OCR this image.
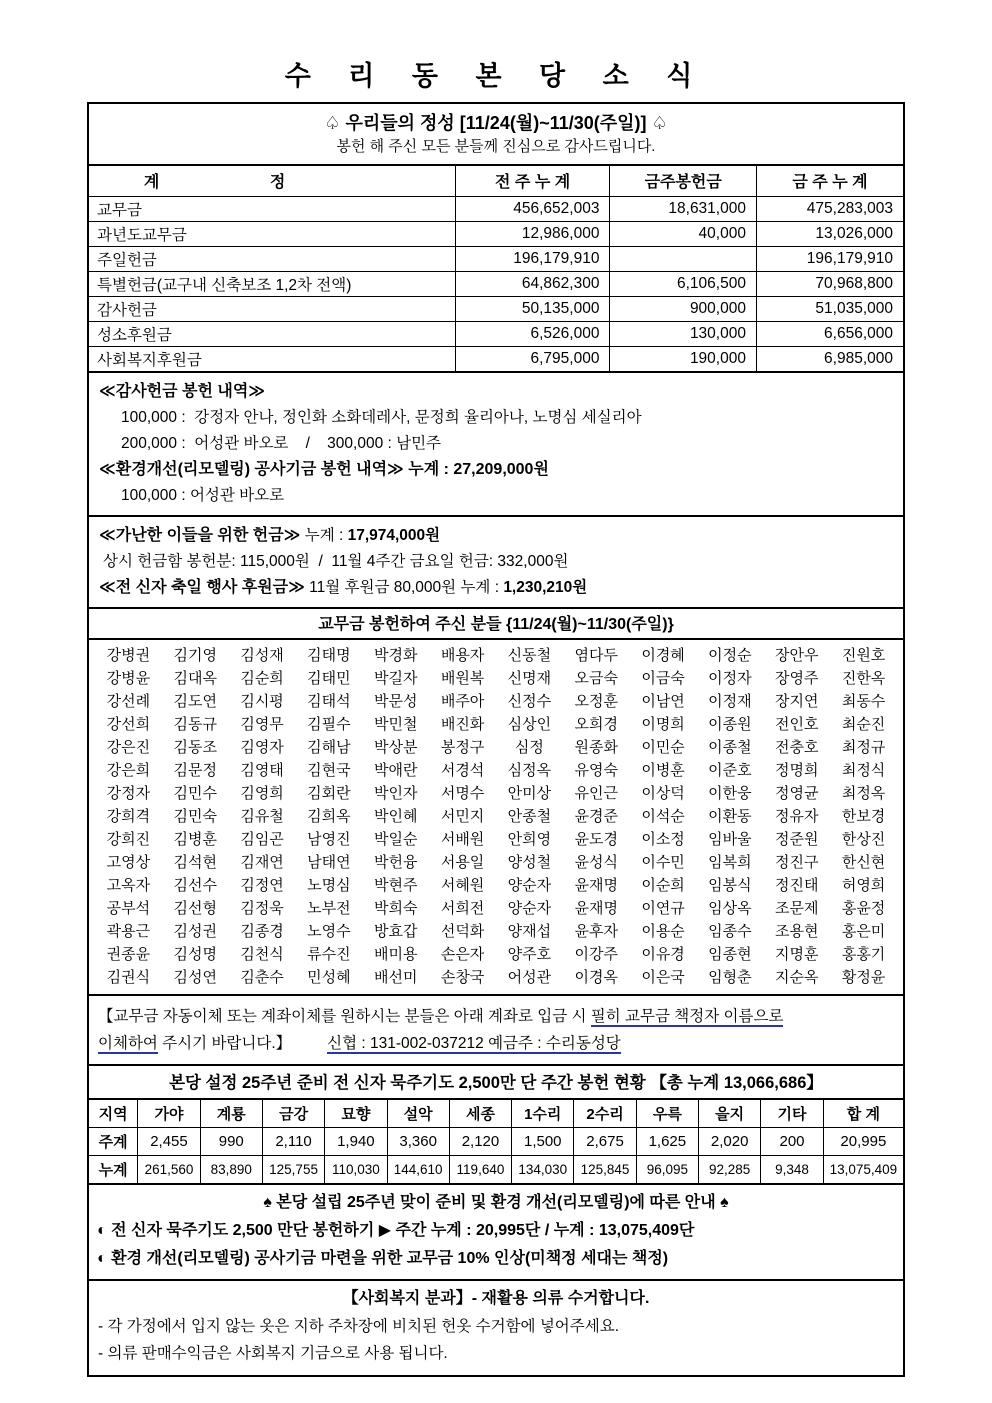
수 리 동 본 당 소 식
♤ 우리들의 정성 [11/24(월)~11/30(주일)] ♤
봉헌 해 주신 모든 분들께 진심으로 감사드립니다.
계 정	전 주 누 계	금주봉헌금	금 주 누 계
교무금	456,652,003	18,631,000	475,283,003
과년도교무금	12,986,000	40,000	13,026,000
주일헌금	196,179,910		196,179,910
특별헌금(교구내 신축보조 1,2차 전액)	64,862,300	6,106,500	70,968,800
감사헌금	50,135,000	900,000	51,035,000
성소후원금	6,526,000	130,000	6,656,000
사회복지후원금	6,795,000	190,000	6,985,000
≪감사헌금 봉헌 내역≫
100,000 :  강정자 안나, 정인화 소화데레사, 문정희 율리아나, 노명심 세실리아
200,000 :  어성관 바오로    /    300,000 : 남민주
≪환경개선(리모델링) 공사기금 봉헌 내역≫ 누계 : 27,209,000원
100,000 : 어성관 바오로
≪가난한 이들을 위한 헌금≫ 누계 : 17,974,000원
상시 헌금함 봉헌분: 115,000원  /  11월 4주간 금요일 헌금: 332,000원
≪전 신자 축일 행사 후원금≫ 11월 후원금 80,000원 누계 : 1,230,210원
교무금 봉헌하여 주신 분들 {11/24(월)~11/30(주일)}
강병권	김기영	김성재	김태명	박경화	배용자	신동철	염다두	이경혜	이정순	장안우	진원호
강병윤	김대옥	김순희	김태민	박길자	배원복	신명재	오금숙	이금숙	이정자	장영주	진한옥
강선례	김도연	김시평	김태석	박문성	배주아	신정수	오정훈	이남연	이정재	장지연	최동수
강선희	김동규	김영무	김필수	박민철	배진화	심상인	오희경	이명희	이종원	전인호	최순진
강은진	김동조	김영자	김해남	박상분	봉정구	심정	원종화	이민순	이종철	전충호	최정규
강은희	김문정	김영태	김현국	박애란	서경석	심정옥	유영숙	이병훈	이준호	정명희	최정식
강정자	김민수	김영희	김회란	박인자	서명수	안미상	유인근	이상덕	이한웅	정영균	최정옥
강희격	김민숙	김유철	김희옥	박인혜	서민지	안종철	윤경준	이석순	이환동	정유자	한보경
강희진	김병훈	김임곤	남영진	박일순	서배원	안희영	윤도경	이소정	임바울	정준원	한상진
고영상	김석현	김재연	남태연	박헌융	서용일	양성철	윤성식	이수민	임복희	정진구	한신현
고옥자	김선수	김정연	노명심	박현주	서혜원	양순자	윤재명	이순희	임봉식	정진태	허영희
공부석	김선형	김정욱	노부전	박희숙	서희전	양순자	윤재명	이연규	임상옥	조문제	홍윤정
곽용근	김성권	김종경	노영수	방효갑	선덕화	양재섭	윤후자	이용순	임종수	조용현	홍은미
권종윤	김성명	김천식	류수진	배미용	손은자	양주호	이강주	이유경	임종현	지명훈	홍홍기
김권식	김성연	김춘수	민성혜	배선미	손창국	어성관	이경옥	이은국	임형춘	지순옥	황정윤
【교무금 자동이체 또는 계좌이체를 원하시는 분들은 아래 계좌로 입금 시 필히 교무금 책정자 이름으로
이체하여 주시기 바랍니다.】 신협 : 131-002-037212 예금주 : 수리동성당
본당 설정 25주년 준비 전 신자 묵주기도 2,500만 단 주간 봉헌 현황 【총 누계 13,066,686】
지역	가야	계룡	금강	묘향	설악	세종	1수리	2수리	우륵	을지	기타	합 계
주계	2,455	990	2,110	1,940	3,360	2,120	1,500	2,675	1,625	2,020	200	20,995
누계	261,560	83,890	125,755	110,030	144,610	119,640	134,030	125,845	96,095	92,285	9,348	13,075,409
♠ 본당 설립 25주년 맞이 준비 및 환경 개선(리모델링)에 따른 안내 ♠
◐ 전 신자 묵주기도 2,500 만단 봉헌하기 ▶ 주간 누계 : 20,995단 / 누계 : 13,075,409단
◐ 환경 개선(리모델링) 공사기금 마련을 위한 교무금 10% 인상(미책정 세대는 책정)
【사회복지 분과】- 재활용 의류 수거합니다.
- 각 가정에서 입지 않는 옷은 지하 주차장에 비치된 헌옷 수거함에 넣어주세요.
- 의류 판매수익금은 사회복지 기금으로 사용 됩니다.
